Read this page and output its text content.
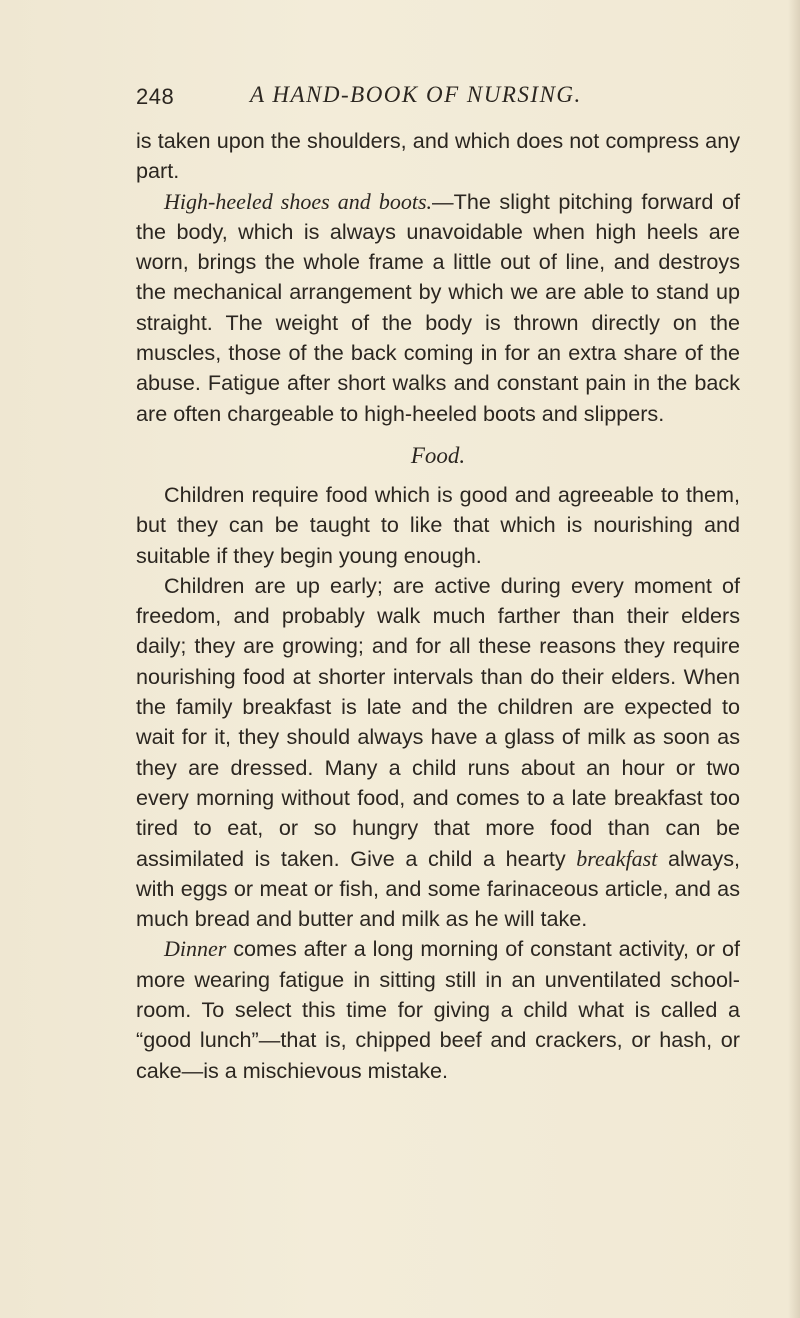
248	A HAND-BOOK OF NURSING.

is taken upon the shoulders, and which does not compress any part.

High-heeled shoes and boots.—The slight pitching forward of the body, which is always unavoidable when high heels are worn, brings the whole frame a little out of line, and destroys the mechanical arrangement by which we are able to stand up straight. The weight of the body is thrown directly on the muscles, those of the back coming in for an extra share of the abuse. Fatigue after short walks and constant pain in the back are often chargeable to high-heeled boots and slippers.

Food.

Children require food which is good and agreeable to them, but they can be taught to like that which is nourishing and suitable if they begin young enough.

Children are up early; are active during every moment of freedom, and probably walk much farther than their elders daily; they are growing; and for all these reasons they require nourishing food at shorter intervals than do their elders. When the family breakfast is late and the children are expected to wait for it, they should always have a glass of milk as soon as they are dressed. Many a child runs about an hour or two every morning without food, and comes to a late breakfast too tired to eat, or so hungry that more food than can be assimilated is taken. Give a child a hearty breakfast always, with eggs or meat or fish, and some farinaceous article, and as much bread and butter and milk as he will take.

Dinner comes after a long morning of constant activity, or of more wearing fatigue in sitting still in an unventilated school-room. To select this time for giving a child what is called a “good lunch”—that is, chipped beef and crackers, or hash, or cake—is a mischievous mistake.
